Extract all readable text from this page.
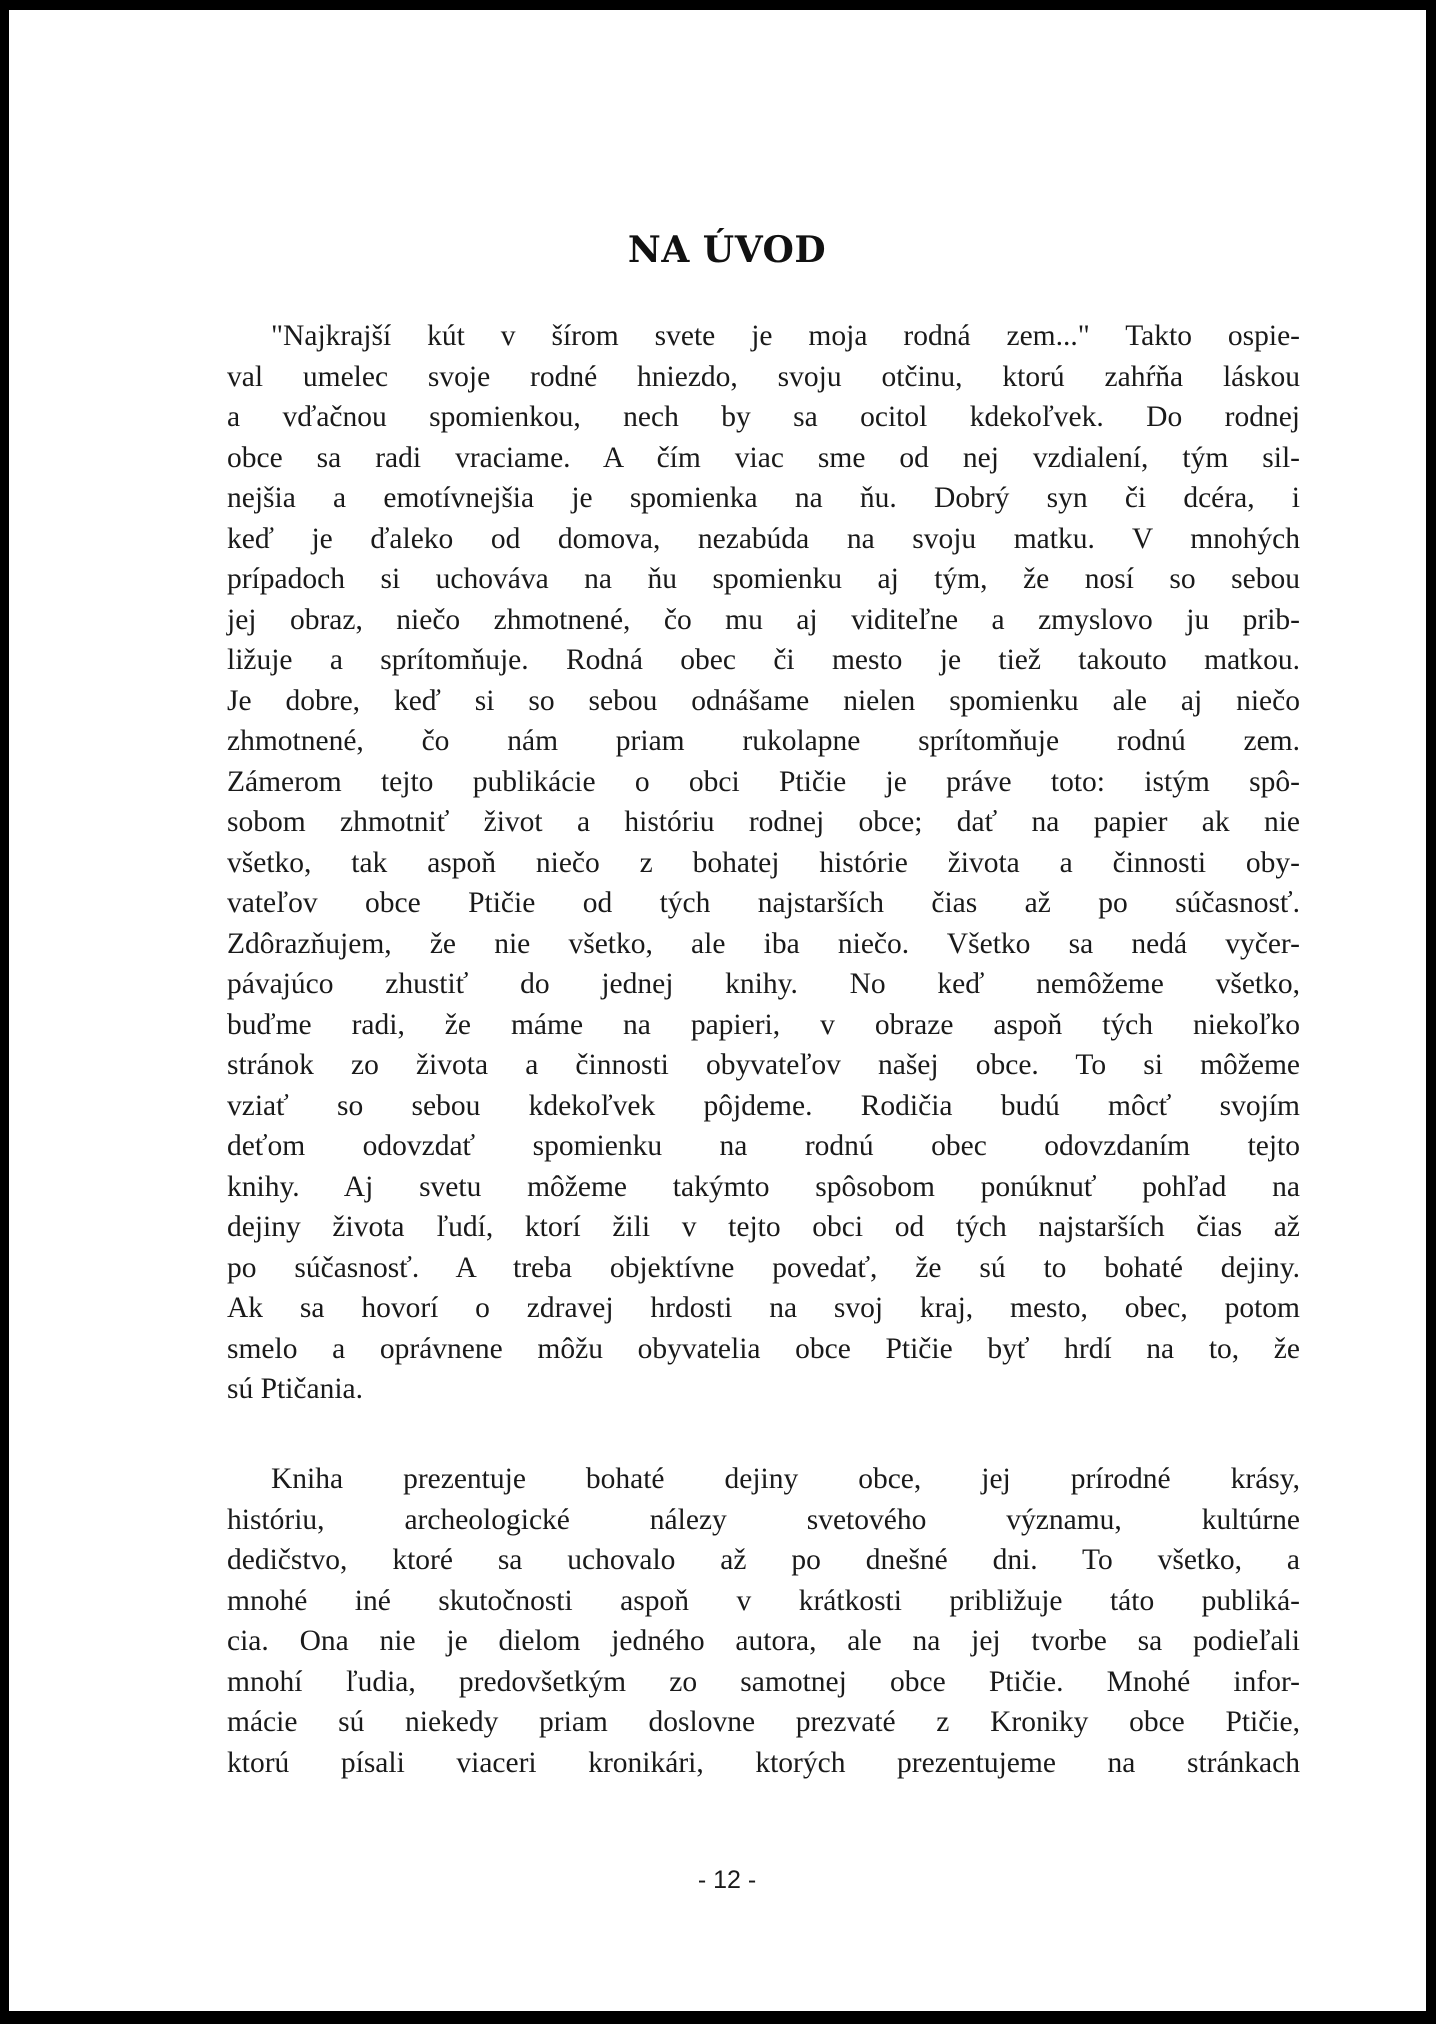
NA ÚVOD

"Najkrajší kút v šírom svete je moja rodná zem..." Takto ospie-
val umelec svoje rodné hniezdo, svoju otčinu, ktorú zahŕňa láskou
a vďačnou spomienkou, nech by sa ocitol kdekoľvek. Do rodnej
obce sa radi vraciame. A čím viac sme od nej vzdialení, tým sil-
nejšia a emotívnejšia je spomienka na ňu. Dobrý syn či dcéra, i
keď je ďaleko od domova, nezabúda na svoju matku. V mnohých
prípadoch si uchováva na ňu spomienku aj tým, že nosí so sebou
jej obraz, niečo zhmotnené, čo mu aj viditeľne a zmyslovo ju prib-
ližuje a sprítomňuje. Rodná obec či mesto je tiež takouto matkou.
Je dobre, keď si so sebou odnášame nielen spomienku ale aj niečo
zhmotnené, čo nám priam rukolapne sprítomňuje rodnú zem.
Zámerom tejto publikácie o obci Ptičie je práve toto: istým spô-
sobom zhmotniť život a históriu rodnej obce; dať na papier ak nie
všetko, tak aspoň niečo z bohatej histórie života a činnosti oby-
vateľov obce Ptičie od tých najstarších čias až po súčasnosť.
Zdôrazňujem, že nie všetko, ale iba niečo. Všetko sa nedá vyčer-
pávajúco zhustiť do jednej knihy. No keď nemôžeme všetko,
buďme radi, že máme na papieri, v obraze aspoň tých niekoľko
stránok zo života a činnosti obyvateľov našej obce. To si môžeme
vziať so sebou kdekoľvek pôjdeme. Rodičia budú môcť svojím
deťom odovzdať spomienku na rodnú obec odovzdaním tejto
knihy. Aj svetu môžeme takýmto spôsobom ponúknuť pohľad na
dejiny života ľudí, ktorí žili v tejto obci od tých najstarších čias až
po súčasnosť. A treba objektívne povedať, že sú to bohaté dejiny.
Ak sa hovorí o zdravej hrdosti na svoj kraj, mesto, obec, potom
smelo a oprávnene môžu obyvatelia obce Ptičie byť hrdí na to, že
sú Ptičania.

Kniha prezentuje bohaté dejiny obce, jej prírodné krásy,
históriu, archeologické nálezy svetového významu, kultúrne
dedičstvo, ktoré sa uchovalo až po dnešné dni. To všetko, a
mnohé iné skutočnosti aspoň v krátkosti približuje táto publiká-
cia. Ona nie je dielom jedného autora, ale na jej tvorbe sa podieľali
mnohí ľudia, predovšetkým zo samotnej obce Ptičie. Mnohé infor-
mácie sú niekedy priam doslovne prezvaté z Kroniky obce Ptičie,
ktorú písali viaceri kronikári, ktorých prezentujeme na stránkach

- 12 -
